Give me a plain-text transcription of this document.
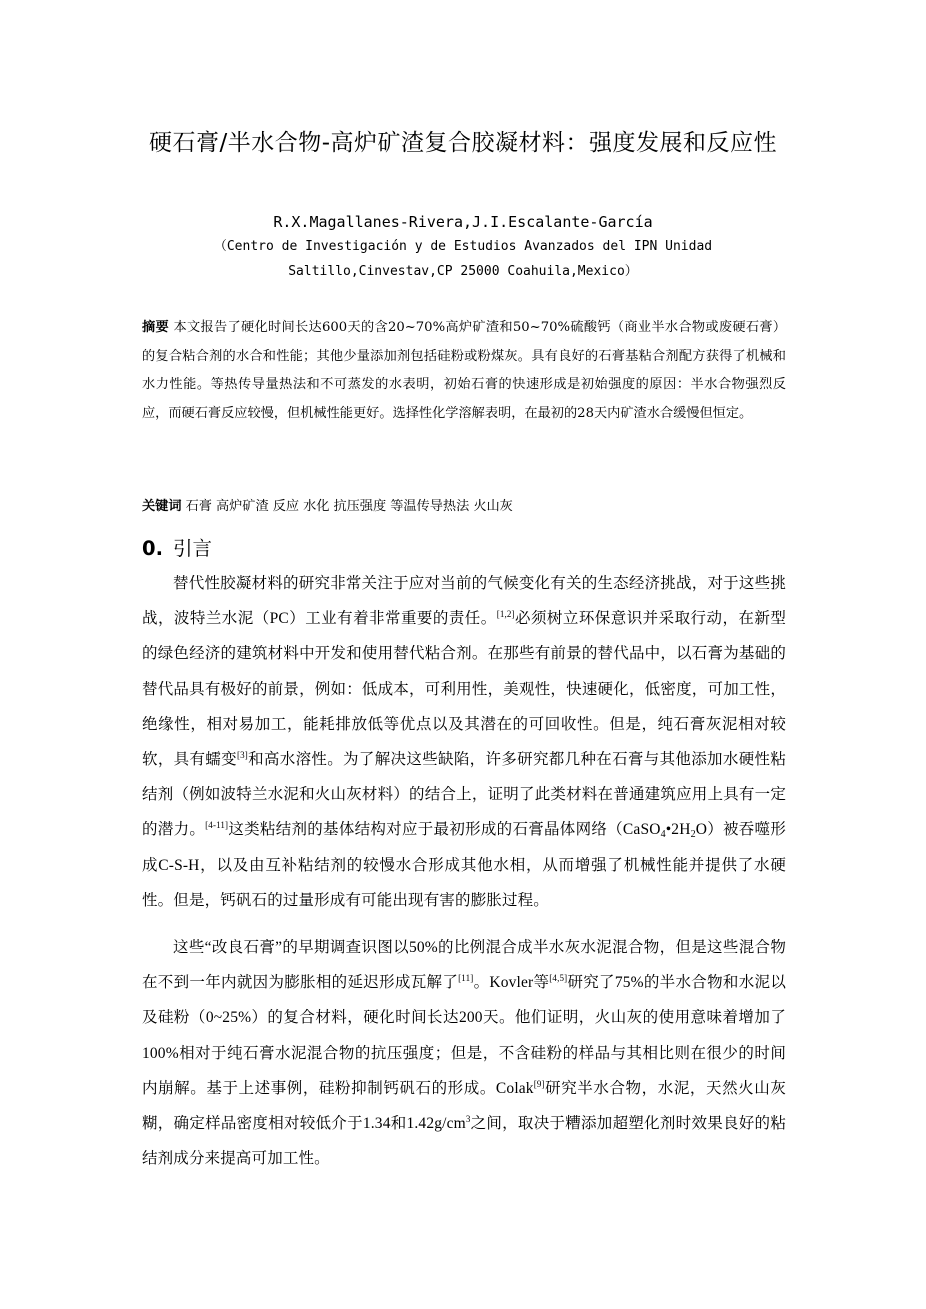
硬石膏/半水合物-高炉矿渣复合胶凝材料：强度发展和反应性
R.X.Magallanes-Rivera,J.I.Escalante-García
（Centro de Investigación y de Estudios Avanzados del IPN Unidad
Saltillo,Cinvestav,CP 25000 Coahuila,Mexico）
摘要 本文报告了硬化时间长达600天的含20~70%高炉矿渣和50~70%硫酸钙（商业半水合物或废硬石膏）的复合粘合剂的水合和性能；其他少量添加剂包括硅粉或粉煤灰。具有良好的石膏基粘合剂配方获得了机械和水力性能。等热传导量热法和不可蒸发的水表明，初始石膏的快速形成是初始强度的原因：半水合物强烈反应，而硬石膏反应较慢，但机械性能更好。选择性化学溶解表明，在最初的28天内矿渣水合缓慢但恒定。
关键词 石膏 高炉矿渣 反应 水化 抗压强度 等温传导热法 火山灰
0. 引言

替代性胶凝材料的研究非常关注于应对当前的气候变化有关的生态经济挑战，对于这些挑战，波特兰水泥（PC）工业有着非常重要的责任。[1,2]必须树立环保意识并采取行动，在新型的绿色经济的建筑材料中开发和使用替代粘合剂。在那些有前景的替代品中，以石膏为基础的替代品具有极好的前景，例如：低成本，可利用性，美观性，快速硬化，低密度，可加工性，绝缘性，相对易加工，能耗排放低等优点以及其潜在的可回收性。但是，纯石膏灰泥相对较软，具有蠕变[3]和高水溶性。为了解决这些缺陷，许多研究都几种在石膏与其他添加水硬性粘结剂（例如波特兰水泥和火山灰材料）的结合上，证明了此类材料在普通建筑应用上具有一定的潜力。[4-11]这类粘结剂的基体结构对应于最初形成的石膏晶体网络$(CaSO_4•2H_2O)$被吞噬形成C-S-H，以及由互补粘结剂的较慢水合形成其他水相，从而增强了机械性能并提供了水硬性。但是，钙矾石的过量形成有可能出现有害的膨胀过程。

这些“改良石膏”的早期调查识图以50%的比例混合成半水灰水泥混合物，但是这些混合物在不到一年内就因为膨胀相的延迟形成瓦解了[11]。Kovler等[4,5]研究了75%的半水合物和水泥以及硅粉（0~25%）的复合材料，硬化时间长达200天。他们证明，火山灰的使用意味着增加了100%相对于纯石膏水泥混合物的抗压强度；但是，不含硅粉的样品与其相比则在很少的时间内崩解。基于上述事例，硅粉抑制钙矾石的形成。Colak[9]研究半水合物，水泥，天然火山灰糊，确定样品密度相对较低介于1.34和$1.42g/cm^3$之间，取决于糟添加超塑化剂时效果良好的粘结剂成分来提高可加工性。
